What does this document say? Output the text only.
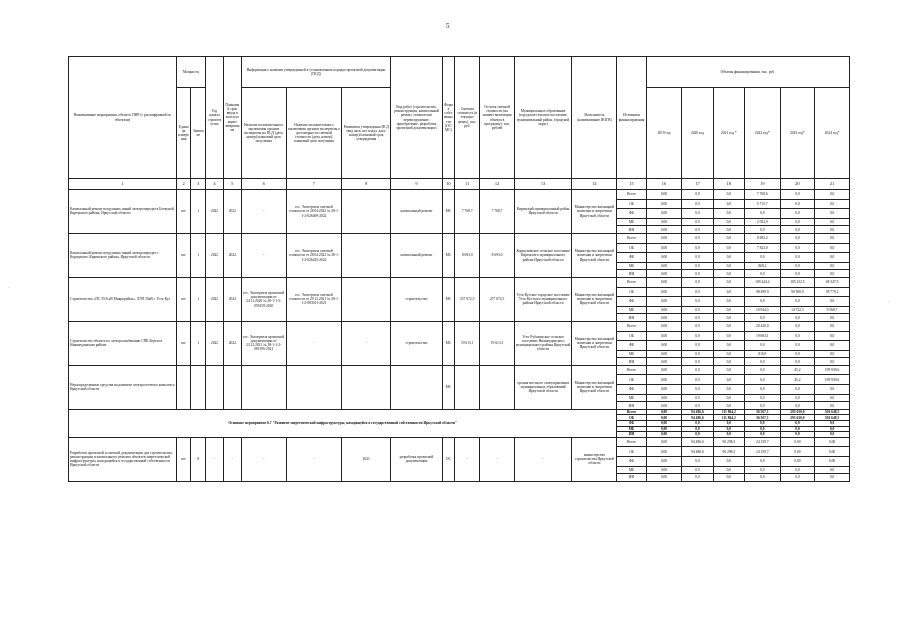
5
Наименование мероприятия, объекта, ПИР (с расшифровкой по объектам)	Мощность		Год начала строительства	Плановый срок ввода в эксплуатацию/завершения	Информация о наличии утвержденной в установленном порядке проектной документации (ПСД)			Вид работ (строительство, реконструкция, капитальный ремонт, техническое перевооружение, приобретение, разработка проектной документации)	Форма собственности (ОС/МС)	Сметная стоимость (в текущих ценах), тыс. руб.	Остаток сметной стоимости (на момент включения объекта в программу), тыс. рублей	Муниципальное образование (городское/сельское поселение, муниципальный район, городской округ)	Исполнитель (наименование ИОГВ)	Источники финансирования	Объемы финансирования, тыс. руб.					
	Единица измерения	Значение			Наличие положительного заключения органов экспертизы на ПСД (дата, номер)/плановый срок получения	Наличие положительного заключения органов экспертизы о достоверности сметной стоимости (дата, номер)/плановый срок получения	Реквизиты утверждения ПСД (вид акта, кто издал, дата, номер)/плановый срок утверждения								2019 год	2020 год	2021 год *	2022 год*	2023 год*	2024 год*
1	2	3	4	5	6	7	8	9	10	11	12	13	14	15	16	17	18	19	20	21
Капитальный ремонт воздушных линий электропередач в Ботвуной, Киренского района, Иркутской области	шт.	1	2022	2022	-	гос. Экспертиза сметной стоимости от 28.04.2022 № 38-1-1-2-026469-2022		капитальный ремонт	МС	7 768,7	7 768,7	Киренский муниципальный район Иркутской области	Министерство жилищной политики и энергетики Иркутской области	Всего	0,00	0,0	0,0	7 768,6	0,0	0,0
														ОБ	0,00	0,0	0,0	5 715,7	0,0	0,0
														ФБ	0,00	0,0	0,0	0,0	0,0	0,0
														МБ	0,00	0,0	0,0	2 052,9	0,0	0,0
														ИИ	0,00	0,0	0,0	0,0	0,0	0,0
Капитальный ремонт воздушных линий электропередач с. Коршуново, Киренского района, Иркутской области	шт.	1	2022	2022	-	гос. Экспертиза сметной стоимости от 28.04.2022 № 38-1-1-2-026425-2022		капитальный ремонт	МС	8 693,0	8 693,0	Коршуновское сельское поселение Киренского муниципального района Иркутской области	Министерство жилищной политики и энергетики Иркутской области	Всего	0,00	0,0	0,0	8 692,2	0,0	0,0
														ОБ	0,00	0,0	0,0	7 823,0	0,0	0,0
														ФБ	0,00	0,0	0,0	0,0	0,0	0,0
														МБ	0,00	0,0	0,0	869,2	0,0	0,0
														ИИ	0,00	0,0	0,0	0,0	0,0	0,0
Строительство «ПС 35/6 кВ Микрорайон», ЛЭП 35кВ г. Усть-Кут	шт.	1	2022	2024	гос. Экспертиза проектной документации от 24.11.2020 № 38-1-1-3-059258-2020	гос. Экспертиза сметной стоимости от 29.12.2021 № 38-1-1-2-083011-2021		строительство	МС	257 672,5	257 672,5	Усть-Кутское городское поселение Усть-Кутского муниципального района Иркутской области	Министерство жилищной политики и энергетики Иркутской области	Всего	0,00	0,0	0,0	109 444,4	105 232,5	68 347,9
														ОБ	0,00	0,0	0,0	98 499,9	90 500,0	58 779,2
														ФБ	0,00	0,0	0,0	0,0	0,0	0,0
														МБ	0,00	0,0	0,0	10 944,5	14 732,5	9 568,7
														ИИ	0,00	0,0	0,0	0,0	0,0	0,0
Строительство объекта по электроснабжению СПК Береза в Нижнеудинском районе	шт.	1	2022	2022	гос. Экспертиза проектной документации от 23.12.2021 № 38-1-1-2-081596-2021	-	-	строительство	МС	19 613,1	19 613,1	Усть-Рубахинское сельское поселение Нижнеудинского муниципального района Иркутской области	Министерство жилищной политики и энергетики Иркутской области	Всего	0,00	0,0	0,0	20 420,0	0,0	0,0
														ОБ	0,00	0,0	0,0	19 603,1	0,0	0,0
														ФБ	0,00	0,0	0,0	0,0	0,0	0,0
														МБ	0,00	0,0	0,0	816,9	0,0	0,0
														ИИ	0,00	0,0	0,0	0,0	0,0	0,0
Нераспределенные средства на развитие электросетевого комплекса Иркутской области									МС			органы местного самоуправления муниципальных образований Иркутской области	Министерство жилищной политики и энергетики Иркутской области	Всего	0,00	0,0	0,0	0,0	45,2	199 939,6
														ОБ	0,00	0,0	0,0	0,0	45,2	199 939,6
														ФБ	0,00	0,0	0,0	0,0	0,0	0,0
														МБ	0,00	0,0	0,0	0,0	0,0	0,0
														ИИ	0,00	0,0	0,0	0,0	0,0	0,0
Основное мероприятие 6.7 "Развитие энергетической инфраструктуры, находящейся в государственной собственности Иркутской области"														Всего	0,00	94 486,6	111 864,2	36 567,1	293 630,0	556 648,5
														ОБ	0,00	94 486,6	111 864,2	36 567,1	293 630,0	556 648,5
														ФБ	0,00	0,0	0,0	0,0	0,0	0,0
														МБ	0,00	0,0	0,0	0,0	0,0	0,0
														ИИ	0,00	0,0	0,0	0,0	0,0	0,0
Разработка проектной и сметной документации для строительства, реконструкции и капитального ремонта объектов энергетической инфраструктуры, находящейся в государственной собственности Иркутской области	шт.	8	-	-	-	-	2021	разработка проектной документации	ОС	-	-	-	министерство строительства Иркутской области	Всего	0,00	94 486,6	96 298,3	24 159,7	0,00	0,00
														ОБ	0,00	94 486,6	96 298,3	24 159,7	0,00	0,00
														ФБ	0,00	0,0	0,0	0,0	0,00	0,00
														МБ	0,00	0,0	0,0	0,0	0,0	0,0
														ИИ	0,00	0,0	0,0	0,0	0,0	0,0
·
·
